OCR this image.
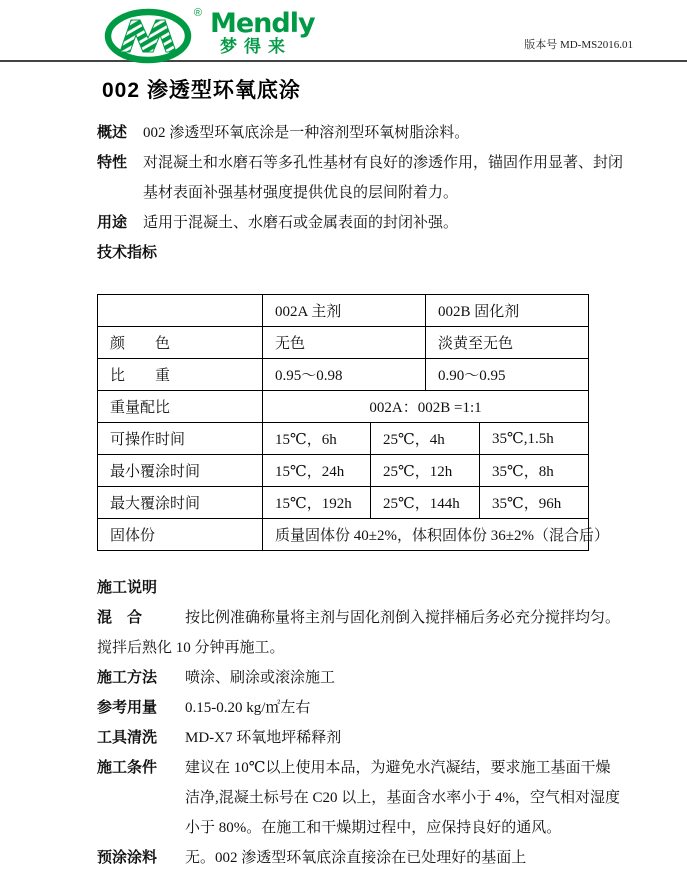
® Mendly
梦得来	版本号 MD-MS2016.01
002 渗透型环氧底涂
概述	002 渗透型环氧底涂是一种溶剂型环氧树脂涂料。
特性	对混凝土和水磨石等多孔性基材有良好的渗透作用，锚固作用显著、封闭
基材表面补强基材强度提供优良的层间附着力。
用途	适用于混凝土、水磨石或金属表面的封闭补强。
技术指标
	002A 主剂		002B 固化剂	
颜　　色	无色		淡黄至无色	
比　　重	0.95～0.98		0.90～0.95	
重量配比	002A：002B =1:1			
可操作时间	15℃，6h	25℃，4h		35℃,1.5h
最小覆涂时间	15℃，24h	25℃，12h		35℃，8h
最大覆涂时间	15℃，192h	25℃，144h		35℃，96h
固体份	质量固体份 40±2%，体积固体份 36±2%（混合后）			
施工说明
混　合	按比例准确称量将主剂与固化剂倒入搅拌桶后务必充分搅拌均匀。
搅拌后熟化 10 分钟再施工。
施工方法	喷涂、刷涂或滚涂施工
参考用量	0.15-0.20 kg/㎡左右
工具清洗	MD-X7 环氧地坪稀释剂
施工条件	建议在 10℃以上使用本品，为避免水汽凝结，要求施工基面干燥
洁净,混凝土标号在 C20 以上，基面含水率小于 4%，空气相对湿度
小于 80%。在施工和干燥期过程中，应保持良好的通风。
预涂涂料	无。002 渗透型环氧底涂直接涂在已处理好的基面上
